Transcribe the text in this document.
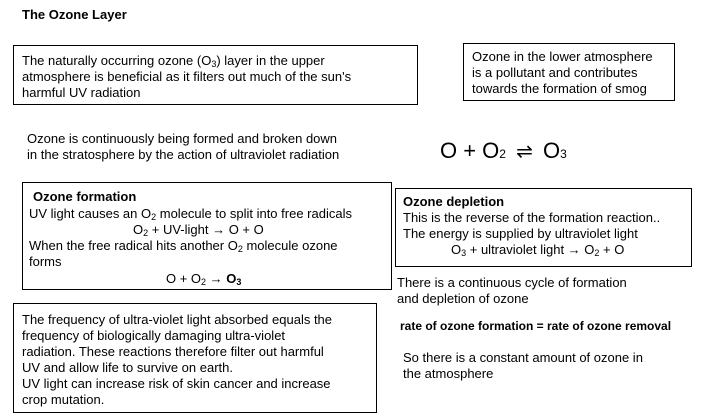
The Ozone Layer
The naturally occurring ozone $(O_3)$ layer in the upper
atmosphere is beneficial as it filters out much of the sun's
harmful UV radiation
Ozone in the lower atmosphere
is a pollutant and contributes
towards the formation of smog
Ozone is continuously being formed and broken down
in the stratosphere by the action of ultraviolet radiation	O + O2 ⇌ O3
Ozone formation
UV light causes an $O_2$ molecule to split into free radicals
$O_2$ + UV-light → O + O
When the free radical hits another $O_2$ molecule ozone
forms
$O + O_2 \to O_3$
Ozone depletion
This is the reverse of the formation reaction..
The energy is supplied by ultraviolet light
$O_3$ + ultraviolet light → $O_2 + O$
There is a continuous cycle of formation
and depletion of ozone
The frequency of ultra-violet light absorbed equals the
frequency of biologically damaging ultra-violet
radiation. These reactions therefore filter out harmful
UV and allow life to survive on earth.
UV light can increase risk of skin cancer and increase
crop mutation.
rate of ozone formation = rate of ozone removal
So there is a constant amount of ozone in
the atmosphere
